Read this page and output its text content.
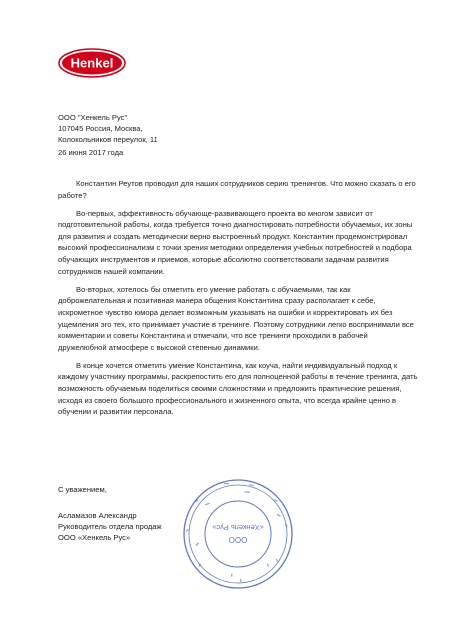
Henkel
ООО "Хенкель Рус"
107045 Россия, Москва,
Колокольников переулок, 11
26 июня 2017 года

Константин Реутов проводил для наших сотрудников серию тренингов. Что можно сказать о его работе?

Во-первых, эффективность обучающе-развивающего проекта во многом зависит от подготовительной работы, когда требуется точно диагностировать потребности обучаемых, их зоны для развития и создать методически верно выстроенный продукт. Константин продемонстрировал высокий профессионализм с точки зрения методики определения учебных потребностей и подбора обучающих инструментов и приемов, которые абсолютно соответствовали задачам развития сотрудников нашей компании.

Во-вторых, хотелось бы отметить его умение работать с обучаемыми, так как доброжелательная и позитивная манера общения Константина сразу располагает к себе, искрометное чувство юмора делает возможным указывать на ошибки и корректировать их без ущемления эго тех, кто принимает участие в тренинге. Поэтому сотрудники легко воспринимали все комментарии и советы Константина и отмечали, что все тренинги проходили в рабочей дружелюбной атмосфере с высокой степенью динамики.

В конце хочется отметить умение Константина, как коуча, найти индивидуальный подход к каждому участнику программы, раскрепостить его для полноценной работы в течение тренинга, дать возможность обучаемым поделиться своими сложностями и предложить практические решения, исходя из своего большого профессионального и жизненного опыта, что всегда крайне ценно в обучении и развитии персонала.

С уважением,
Асламазов Александр
Руководитель отдела продаж
ООО «Хенкель Рус»	ООО
«Хенкель Рус»
